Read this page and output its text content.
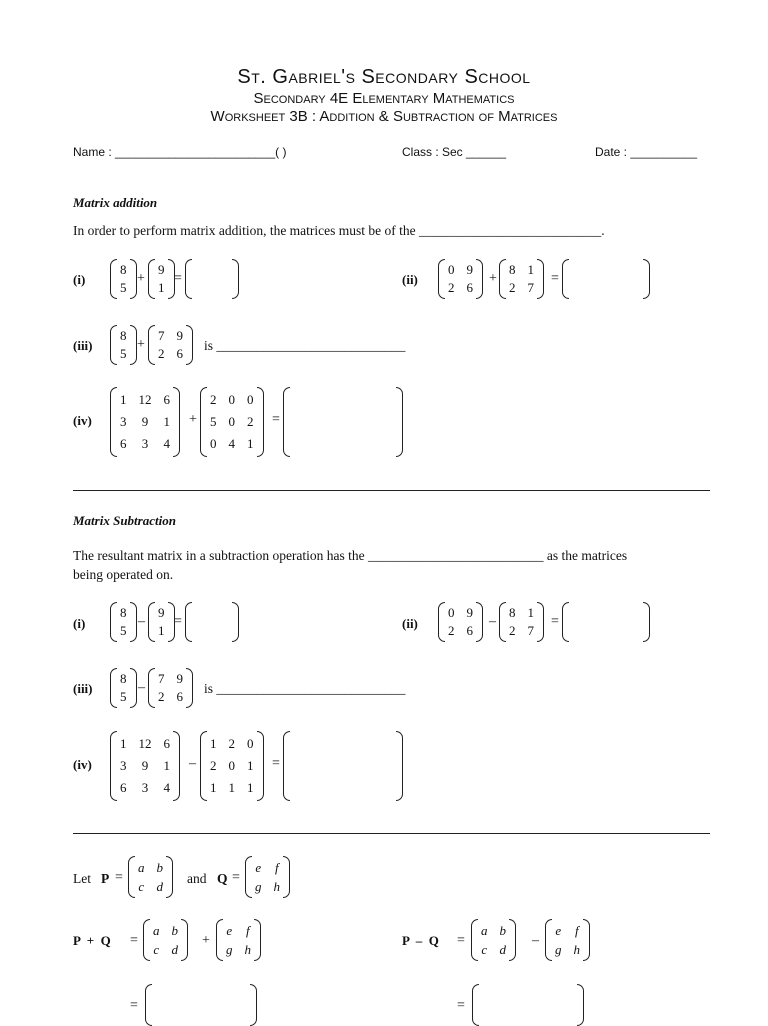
St. Gabriel's Secondary School
Secondary 4E Elementary Mathematics
Worksheet 3B : Addition & Subtraction of Matrices
Name : ________________________( )	Class : Sec ______	Date : __________
Matrix addition
In order to perform matrix addition, the matrices must be of the ___________________________.
(i)
8
5
+
9
1
=	(ii)
0 9
2 6
+
8 1
2 7
=
(iii)
8
5
+
7 9
2 6
is ____________________________
(iv)
1 12 6
3 9 1
6 3 4
+
2 0 0
5 0 2
0 4 1
=
Matrix Subtraction
The resultant matrix in a subtraction operation has the __________________________ as the matrices
being operated on.
(i)
8
5
–
9
1
=	(ii)
0 9
2 6
–
8 1
2 7
=
(iii)
8
5
–
7 9
2 6
is ____________________________
(iv)
1 12 6
3 9 1
6 3 4
–
1 2 0
2 0 1
1 1 1
=
Let P =
a b
c d and Q =
e f
g h
P  +  Q =
a b
c d
+
e f
g h
P  –  Q =
a b
c d
–
e f
g h
=	=
